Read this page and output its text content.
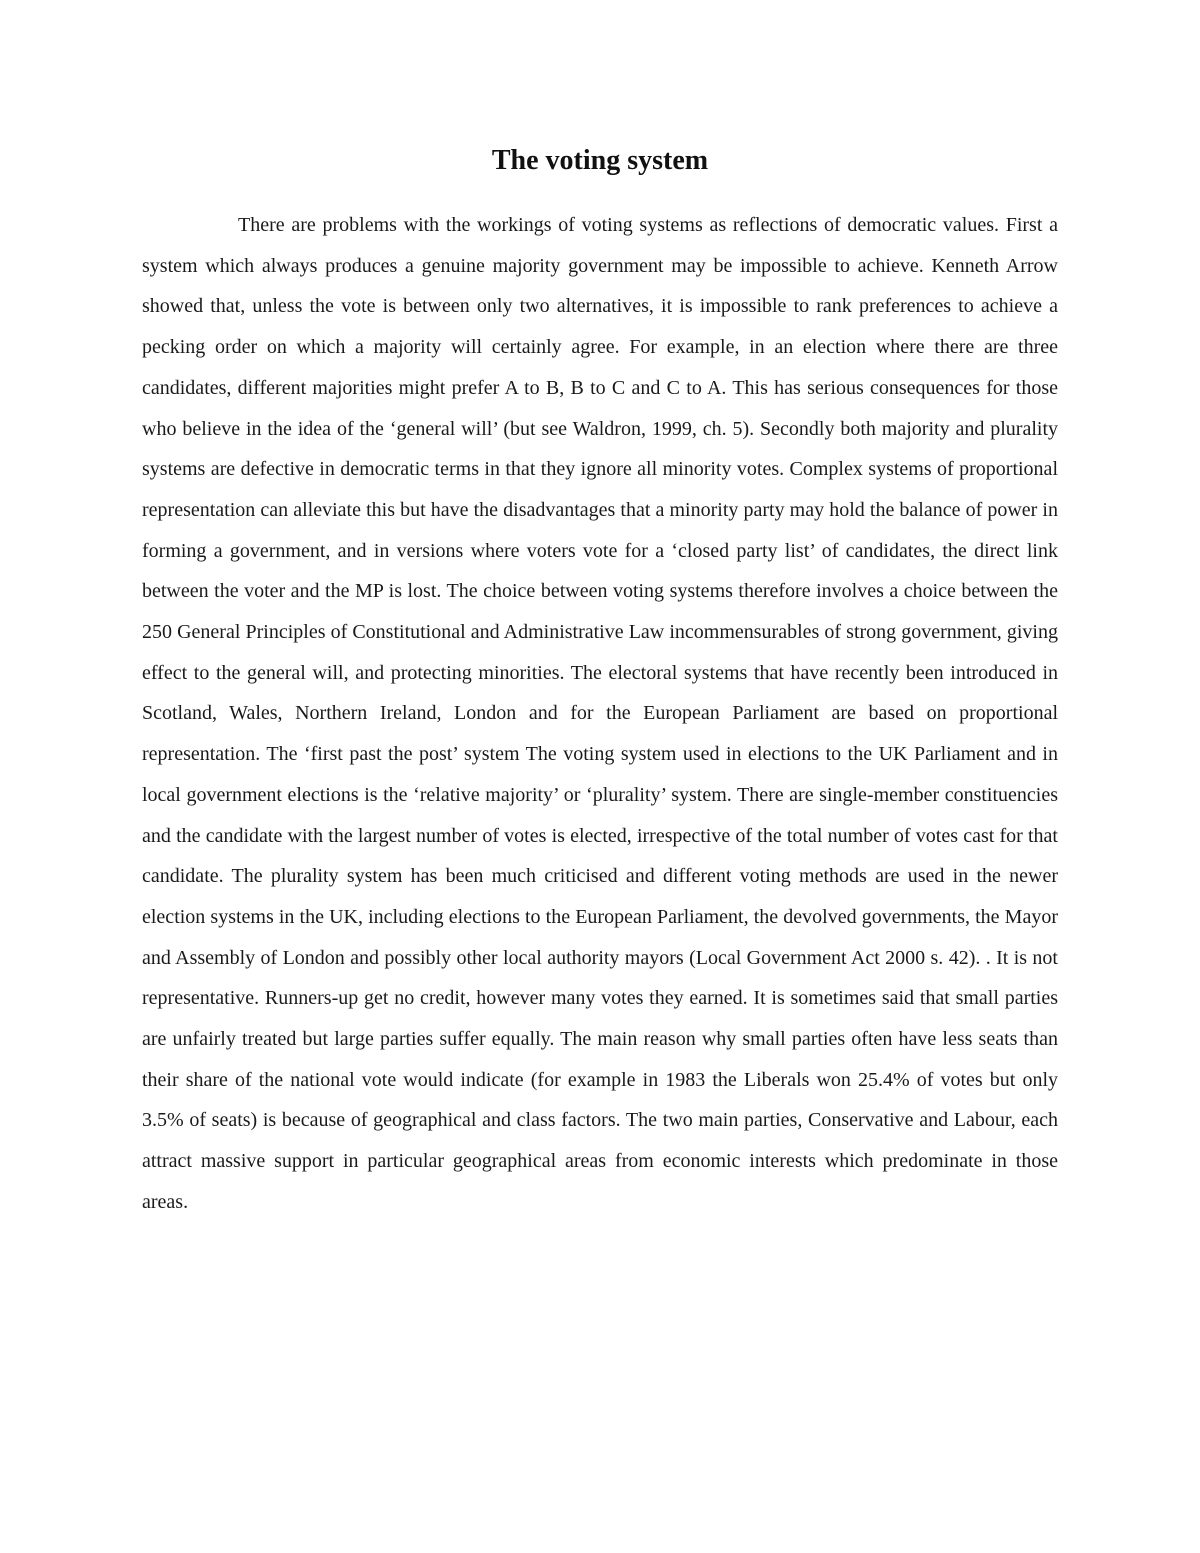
The voting system

There are problems with the workings of voting systems as reflections of democratic values. First a system which always produces a genuine majority government may be impossible to achieve. Kenneth Arrow showed that, unless the vote is between only two alternatives, it is impossible to rank preferences to achieve a pecking order on which a majority will certainly agree. For example, in an election where there are three candidates, different majorities might prefer A to B, B to C and C to A. This has serious consequences for those who believe in the idea of the ‘general will’ (but see Waldron, 1999, ch. 5). Secondly both majority and plurality systems are defective in democratic terms in that they ignore all minority votes. Complex systems of proportional representation can alleviate this but have the disadvantages that a minority party may hold the balance of power in forming a government, and in versions where voters vote for a ‘closed party list’ of candidates, the direct link between the voter and the MP is lost. The choice between voting systems therefore involves a choice between the 250 General Principles of Constitutional and Administrative Law incommensurables of strong government, giving effect to the general will, and protecting minorities. The electoral systems that have recently been introduced in Scotland, Wales, Northern Ireland, London and for the European Parliament are based on proportional representation. The ‘first past the post’ system The voting system used in elections to the UK Parliament and in local government elections is the ‘relative majority’ or ‘plurality’ system. There are single-member constituencies and the candidate with the largest number of votes is elected, irrespective of the total number of votes cast for that candidate. The plurality system has been much criticised and different voting methods are used in the newer election systems in the UK, including elections to the European Parliament, the devolved governments, the Mayor and Assembly of London and possibly other local authority mayors (Local Government Act 2000 s. 42). . It is not representative. Runners-up get no credit, however many votes they earned. It is sometimes said that small parties are unfairly treated but large parties suffer equally. The main reason why small parties often have less seats than their share of the national vote would indicate (for example in 1983 the Liberals won 25.4% of votes but only 3.5% of seats) is because of geographical and class factors. The two main parties, Conservative and Labour, each attract massive support in particular geographical areas from economic interests which predominate in those areas.
